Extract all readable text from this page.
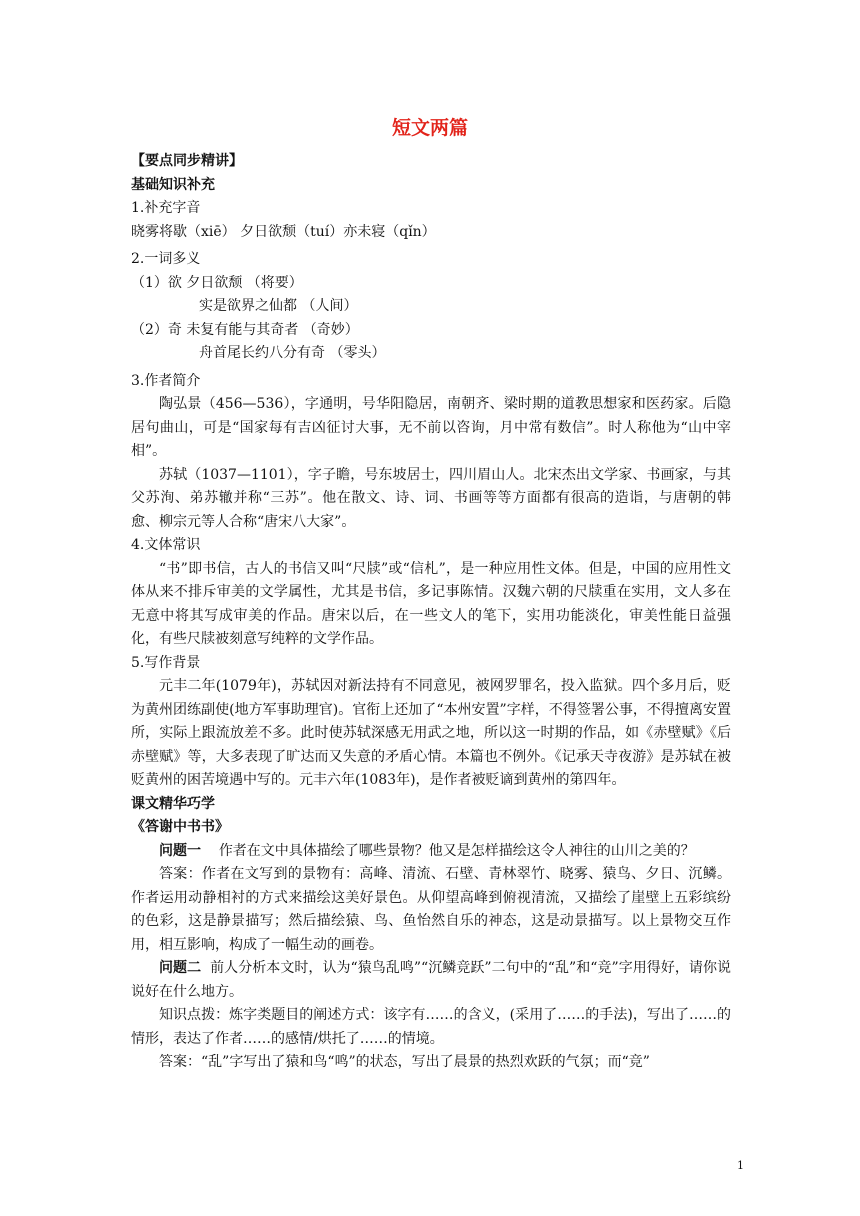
短文两篇

【要点同步精讲】

基础知识补充

1.补充字音

晓雾将歇（xiē） 夕日欲颓（tuí）亦未寝（qǐn）

2.一词多义

（1）欲 夕日欲颓 （将要）

实是欲界之仙都 （人间）

（2）奇 未复有能与其奇者 （奇妙）

舟首尾长约八分有奇 （零头）

3.作者简介

陶弘景（456—536），字通明，号华阳隐居，南朝齐、梁时期的道教思想家和医药家。后隐居句曲山，可是“国家每有吉凶征讨大事，无不前以咨询，月中常有数信”。时人称他为“山中宰相”。

苏轼（1037—1101），字子瞻，号东坡居士，四川眉山人。北宋杰出文学家、书画家，与其父苏洵、弟苏辙并称“三苏”。他在散文、诗、词、书画等等方面都有很高的造诣，与唐朝的韩愈、柳宗元等人合称“唐宋八大家”。

4.文体常识

“书”即书信，古人的书信又叫“尺牍”或“信札”，是一种应用性文体。但是，中国的应用性文体从来不排斥审美的文学属性，尤其是书信，多记事陈情。汉魏六朝的尺牍重在实用，文人多在无意中将其写成审美的作品。唐宋以后，在一些文人的笔下，实用功能淡化，审美性能日益强化，有些尺牍被刻意写纯粹的文学作品。

5.写作背景

元丰二年(1079年)，苏轼因对新法持有不同意见，被网罗罪名，投入监狱。四个多月后，贬为黄州团练副使(地方军事助理官)。官衔上还加了“本州安置”字样，不得签署公事，不得擅离安置所，实际上跟流放差不多。此时使苏轼深感无用武之地，所以这一时期的作品，如《赤壁赋》《后赤壁赋》等，大多表现了旷达而又失意的矛盾心情。本篇也不例外。《记承天寺夜游》是苏轼在被贬黄州的困苦境遇中写的。元丰六年(1083年)，是作者被贬谪到黄州的第四年。

课文精华巧学

《答谢中书书》

问题一 作者在文中具体描绘了哪些景物？他又是怎样描绘这令人神往的山川之美的？

答案：作者在文写到的景物有：高峰、清流、石壁、青林翠竹、晓雾、猿鸟、夕日、沉鳞。作者运用动静相衬的方式来描绘这美好景色。从仰望高峰到俯视清流，又描绘了崖壁上五彩缤纷的色彩，这是静景描写；然后描绘猿、鸟、鱼怡然自乐的神态，这是动景描写。以上景物交互作用，相互影响，构成了一幅生动的画卷。

问题二 前人分析本文时，认为“猿鸟乱鸣”“沉鳞竞跃”二句中的“乱”和“竞”字用得好，请你说说好在什么地方。

知识点拨：炼字类题目的阐述方式：该字有……的含义，(采用了……的手法)，写出了……的情形，表达了作者……的感情/烘托了……的情境。

答案：“乱”字写出了猿和鸟“鸣”的状态，写出了晨景的热烈欢跃的气氛；而“竞”

1
